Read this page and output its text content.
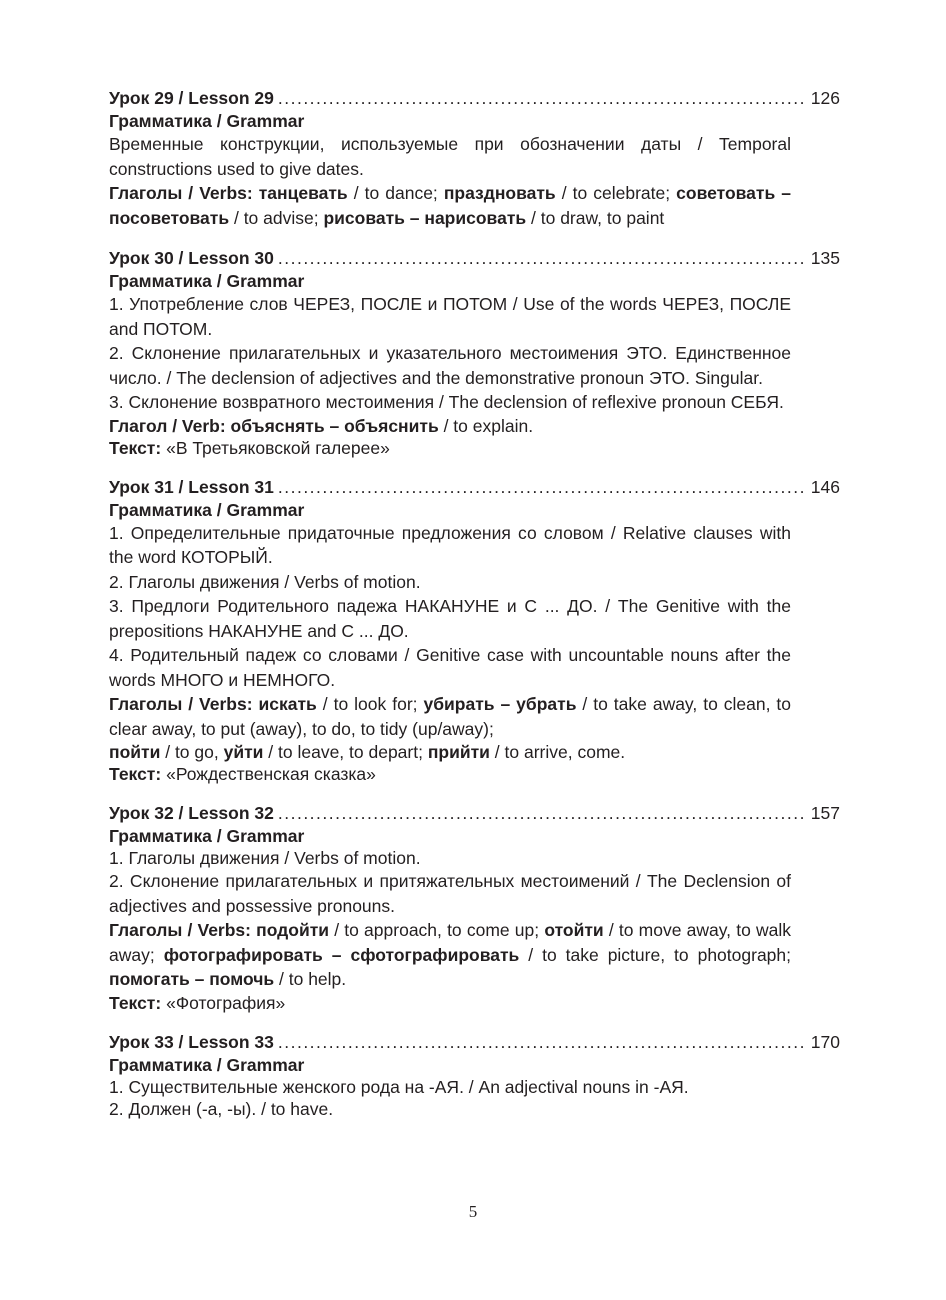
Урок 29 / Lesson 29 .....	126
Грамматика / Grammar

Временные конструкции, используемые при обозначении даты / Temporal constructions used to give dates.

Глаголы / Verbs: танцевать / to dance; праздновать / to celebrate; советовать – посоветовать / to advise; рисовать – нарисовать / to draw, to paint

Урок 30 / Lesson 30 .....	135
Грамматика / Grammar

1. Употребление слов ЧЕРЕЗ, ПОСЛЕ и ПОТОМ / Use of the words ЧЕРЕЗ, ПОСЛЕ and ПОТОМ.

2. Склонение прилагательных и указательного местоимения ЭТО. Единственное число. / The declension of adjectives and the demonstrative pronoun ЭТО. Singular.

3. Склонение возвратного местоимения / The declension of reflexive pronoun СЕБЯ.

Глагол / Verb: объяснять – объяснить / to explain.

Текст: «В Третьяковской галерее»

Урок 31 / Lesson 31 .....	146
Грамматика / Grammar

1. Определительные придаточные предложения со словом / Relative clauses with the word КОТОРЫЙ.

2. Глаголы движения / Verbs of motion.

3. Предлоги Родительного падежа НАКАНУНЕ и С ... ДО. / The Genitive with the prepositions НАКАНУНЕ and С ... ДО.

4. Родительный падеж со словами / Genitive case with uncountable nouns after the words МНОГО и НЕМНОГО.

Глаголы / Verbs: искать / to look for; убирать – убрать / to take away, to clean, to clear away, to put (away), to do, to tidy (up/away);

пойти / to go, уйти / to leave, to depart; прийти / to arrive, come.

Текст: «Рождественская сказка»

Урок 32 / Lesson 32 .....	157
Грамматика / Grammar

1. Глаголы движения / Verbs of motion.

2. Склонение прилагательных и притяжательных местоимений / The Declension of adjectives and possessive pronouns.

Глаголы / Verbs: подойти / to approach, to come up; отойти / to move away, to walk away; фотографировать – сфотографировать / to take picture, to photograph; помогать – помочь / to help.

Текст: «Фотография»

Урок 33 / Lesson 33 .....	170
Грамматика / Grammar

1. Существительные женского рода на -АЯ. / An adjectival nouns in -АЯ.

2. Должен (-а, -ы). / to have.

5
